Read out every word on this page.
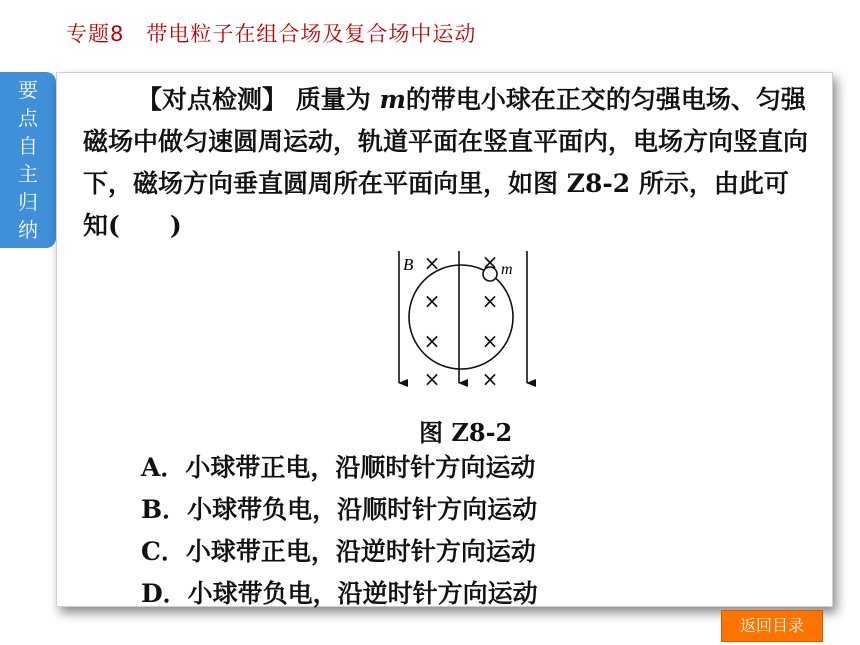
专题8　带电粒子在组合场及复合场中运动
要
点
自
主
归
纳

【对点检测】 质量为 m的带电小球在正交的匀强电场、匀强磁场中做匀速圆周运动，轨道平面在竖直平面内，电场方向竖直向下，磁场方向垂直圆周所在平面向里，如图 Z8-2 所示，由此可知(　　)

B	m
× ×
× ×
× ×
× ×
图 Z8-2
A．小球带正电，沿顺时针方向运动
B．小球带负电，沿顺时针方向运动
C．小球带正电，沿逆时针方向运动
D．小球带负电，沿逆时针方向运动
返回目录
